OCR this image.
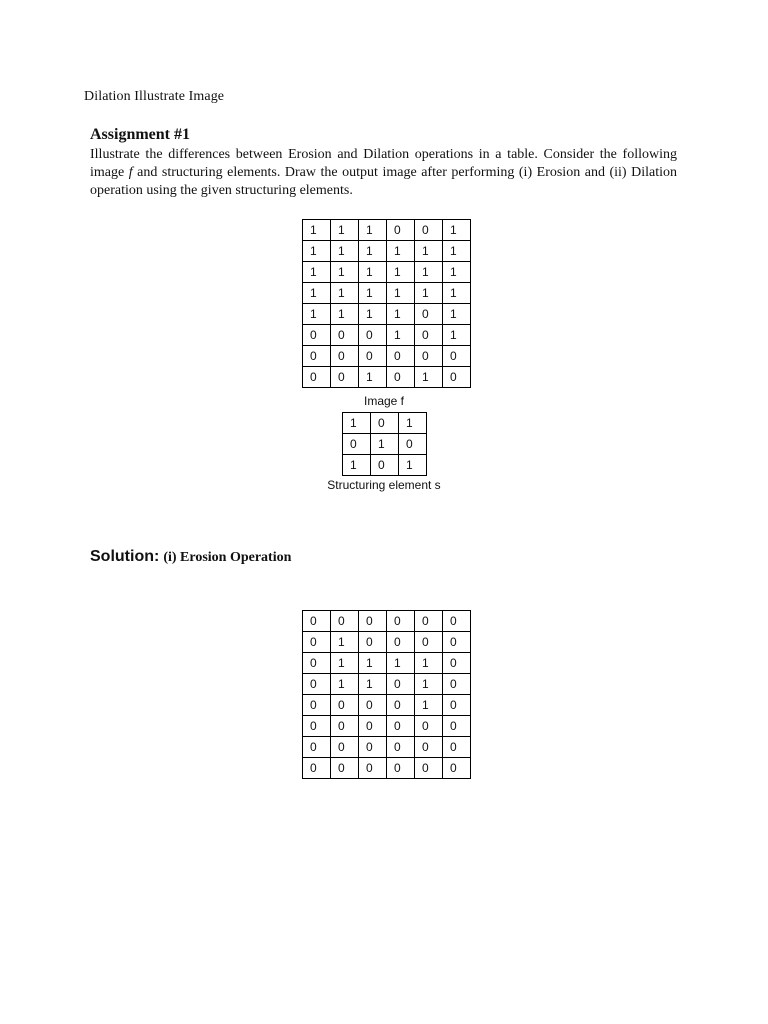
Dilation Illustrate Image
Assignment #1

Illustrate the differences between Erosion and Dilation operations in a table. Consider the following image f and structuring elements. Draw the output image after performing (i) Erosion and (ii) Dilation operation using the given structuring elements.

1	1	1	0	0	1
1	1	1	1	1	1
1	1	1	1	1	1
1	1	1	1	1	1
1	1	1	1	0	1
0	0	0	1	0	1
0	0	0	0	0	0
0	0	1	0	1	0
Image f
1	0	1
0	1	0
1	0	1
Structuring element s
Solution: (i) Erosion Operation
0	0	0	0	0	0
0	1	0	0	0	0
0	1	1	1	1	0
0	1	1	0	1	0
0	0	0	0	1	0
0	0	0	0	0	0
0	0	0	0	0	0
0	0	0	0	0	0
